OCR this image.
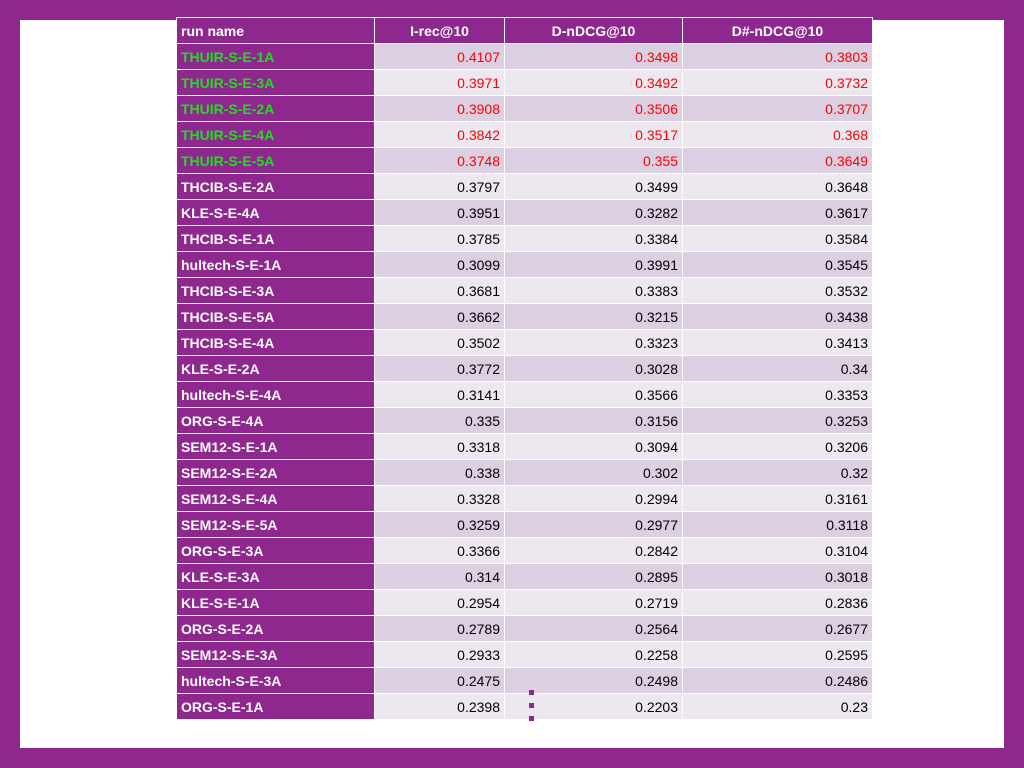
run name	I-rec@10	D-nDCG@10	D#-nDCG@10
THUIR-S-E-1A	0.4107	0.3498	0.3803
THUIR-S-E-3A	0.3971	0.3492	0.3732
THUIR-S-E-2A	0.3908	0.3506	0.3707
THUIR-S-E-4A	0.3842	0.3517	0.368
THUIR-S-E-5A	0.3748	0.355	0.3649
THCIB-S-E-2A	0.3797	0.3499	0.3648
KLE-S-E-4A	0.3951	0.3282	0.3617
THCIB-S-E-1A	0.3785	0.3384	0.3584
hultech-S-E-1A	0.3099	0.3991	0.3545
THCIB-S-E-3A	0.3681	0.3383	0.3532
THCIB-S-E-5A	0.3662	0.3215	0.3438
THCIB-S-E-4A	0.3502	0.3323	0.3413
KLE-S-E-2A	0.3772	0.3028	0.34
hultech-S-E-4A	0.3141	0.3566	0.3353
ORG-S-E-4A	0.335	0.3156	0.3253
SEM12-S-E-1A	0.3318	0.3094	0.3206
SEM12-S-E-2A	0.338	0.302	0.32
SEM12-S-E-4A	0.3328	0.2994	0.3161
SEM12-S-E-5A	0.3259	0.2977	0.3118
ORG-S-E-3A	0.3366	0.2842	0.3104
KLE-S-E-3A	0.314	0.2895	0.3018
KLE-S-E-1A	0.2954	0.2719	0.2836
ORG-S-E-2A	0.2789	0.2564	0.2677
SEM12-S-E-3A	0.2933	0.2258	0.2595
hultech-S-E-3A	0.2475	0.2498	0.2486
ORG-S-E-1A	0.2398	0.2203	0.23
